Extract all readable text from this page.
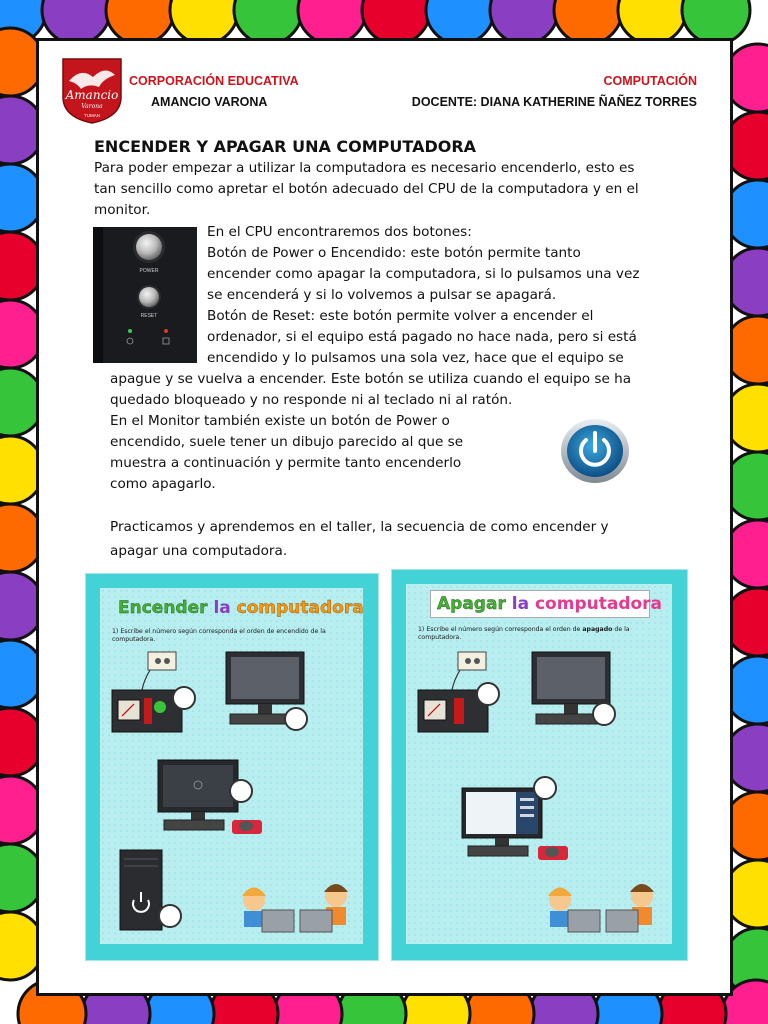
Amancio
Varona
TUMAN
CORPORACIÓN EDUCATIVA
AMANCIO VARONA
COMPUTACIÓN
DOCENTE: DIANA KATHERINE ÑAÑEZ TORRES
ENCENDER Y APAGAR UNA COMPUTADORA
Para poder empezar a utilizar la computadora es necesario encenderlo, esto es
tan sencillo como apretar el botón adecuado del CPU de la computadora y en el
monitor.
POWER
RESET
En el CPU encontraremos dos botones:
Botón de Power o Encendido: este botón permite tanto
encender como apagar la computadora, si lo pulsamos una vez
se encenderá y si lo volvemos a pulsar se apagará.
Botón de Reset: este botón permite volver a encender el
ordenador, si el equipo está pagado no hace nada, pero si está
encendido y lo pulsamos una sola vez, hace que el equipo se
apague y se vuelva a encender. Este botón se utiliza cuando el equipo se ha
quedado bloqueado y no responde ni al teclado ni al ratón.
En el Monitor también existe un botón de Power o
encendido, suele tener un dibujo parecido al que se
muestra a continuación y permite tanto encenderlo
como apagarlo.
Practicamos y aprendemos en el taller, la secuencia de como encender y
apagar una computadora.
Encender la computadora
1) Escribe el número según corresponda el orden de encendido de la
computadora.
Apagar la computadora
1) Escribe el número según corresponda el orden de apagado de la
computadora.
